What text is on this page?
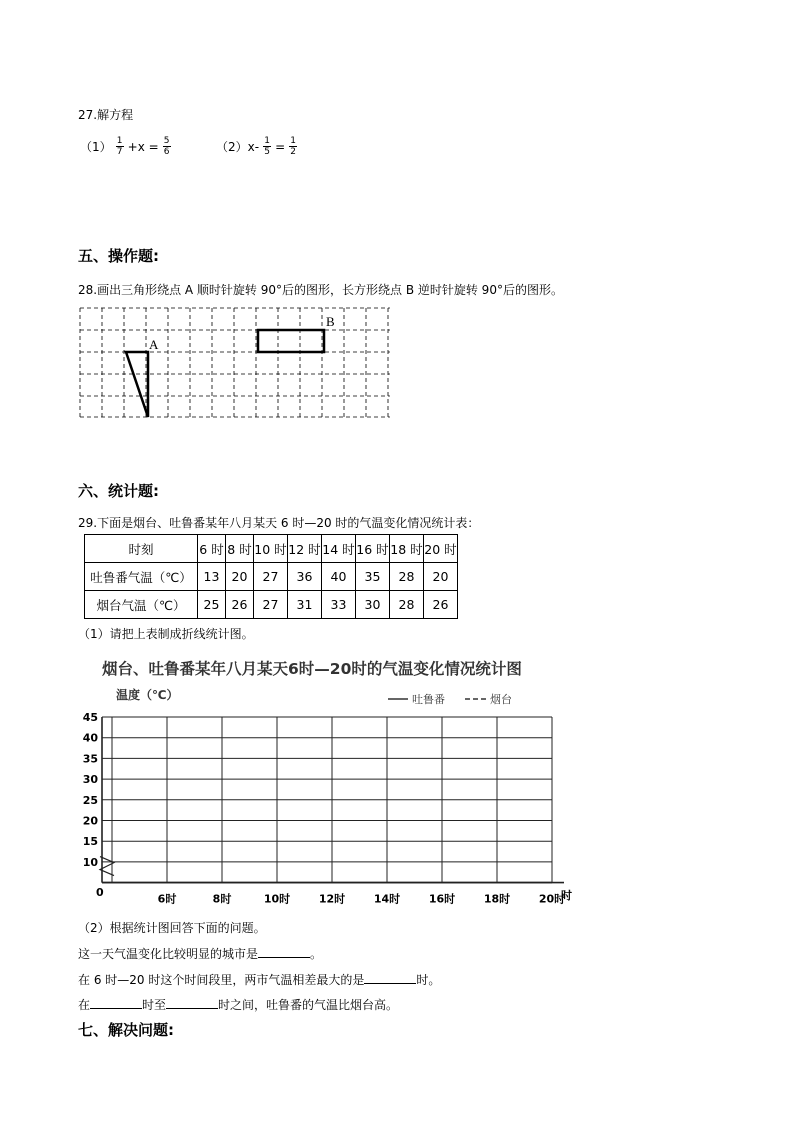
27.解方程
$(1) \frac{1}{7} +x = \frac{5}{6}$	$(2)x- \frac{1}{5} = \frac{1}{2}$
五、操作题:
28.画出三角形绕点 A 顺时针旋转 90°后的图形，长方形绕点 B 逆时针旋转 90°后的图形。
A
B
六、统计题:
29.下面是烟台、吐鲁番某年八月某天 6 时—20 时的气温变化情况统计表：
时刻	6 时	8 时	10 时	12 时	14 时	16 时	18 时	20 时
吐鲁番气温（℃）	13	20	27	36	40	35	28	20
烟台气温（℃）	25	26	27	31	33	30	28	26
（1）请把上表制成折线统计图。
烟台、吐鲁番某年八月某天6时—20时的气温变化情况统计图
温度（℃）	吐鲁番	烟台
45
40
35
30
25
20
15
10
6时	8时	10时	12时	14时	16时	18时	20时
0	时
（2）根据统计图回答下面的问题。
这一天气温变化比较明显的城市是	。
在 6 时—20 时这个时间段里，两市气温相差最大的是	时。
在	时至	时之间，吐鲁番的气温比烟台高。
七、解决问题:
